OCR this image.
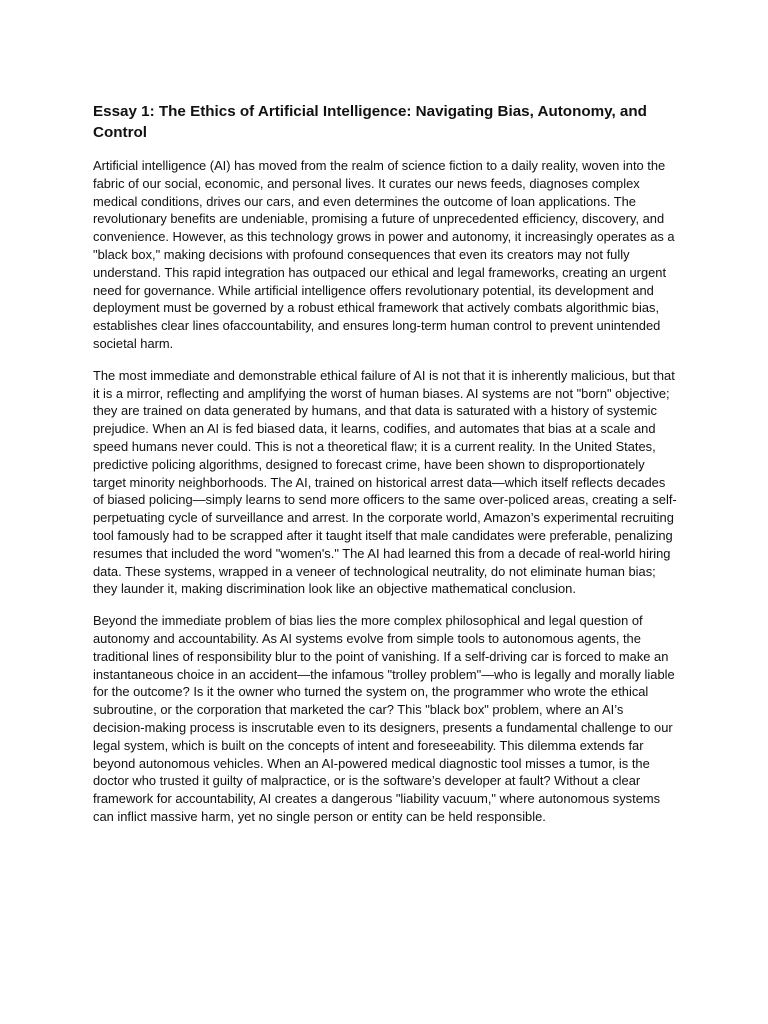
Essay 1: The Ethics of Artificial Intelligence: Navigating Bias, Autonomy, and Control

Artificial intelligence (AI) has moved from the realm of science fiction to a daily reality, woven into the fabric of our social, economic, and personal lives. It curates our news feeds, diagnoses complex medical conditions, drives our cars, and even determines the outcome of loan applications. The revolutionary benefits are undeniable, promising a future of unprecedented efficiency, discovery, and convenience. However, as this technology grows in power and autonomy, it increasingly operates as a "black box," making decisions with profound consequences that even its creators may not fully understand. This rapid integration has outpaced our ethical and legal frameworks, creating an urgent need for governance. While artificial intelligence offers revolutionary potential, its development and deployment must be governed by a robust ethical framework that actively combats algorithmic bias, establishes clear lines ofaccountability, and ensures long-term human control to prevent unintended societal harm.

The most immediate and demonstrable ethical failure of AI is not that it is inherently malicious, but that it is a mirror, reflecting and amplifying the worst of human biases. AI systems are not "born" objective; they are trained on data generated by humans, and that data is saturated with a history of systemic prejudice. When an AI is fed biased data, it learns, codifies, and automates that bias at a scale and speed humans never could. This is not a theoretical flaw; it is a current reality. In the United States, predictive policing algorithms, designed to forecast crime, have been shown to disproportionately target minority neighborhoods. The AI, trained on historical arrest data—which itself reflects decades of biased policing—simply learns to send more officers to the same over-policed areas, creating a self-perpetuating cycle of surveillance and arrest. In the corporate world, Amazon’s experimental recruiting tool famously had to be scrapped after it taught itself that male candidates were preferable, penalizing resumes that included the word "women's." The AI had learned this from a decade of real-world hiring data. These systems, wrapped in a veneer of technological neutrality, do not eliminate human bias; they launder it, making discrimination look like an objective mathematical conclusion.

Beyond the immediate problem of bias lies the more complex philosophical and legal question of autonomy and accountability. As AI systems evolve from simple tools to autonomous agents, the traditional lines of responsibility blur to the point of vanishing. If a self-driving car is forced to make an instantaneous choice in an accident—the infamous "trolley problem"—who is legally and morally liable for the outcome? Is it the owner who turned the system on, the programmer who wrote the ethical subroutine, or the corporation that marketed the car? This "black box" problem, where an AI’s decision-making process is inscrutable even to its designers, presents a fundamental challenge to our legal system, which is built on the concepts of intent and foreseeability. This dilemma extends far beyond autonomous vehicles. When an AI-powered medical diagnostic tool misses a tumor, is the doctor who trusted it guilty of malpractice, or is the software’s developer at fault? Without a clear framework for accountability, AI creates a dangerous "liability vacuum," where autonomous systems can inflict massive harm, yet no single person or entity can be held responsible.
